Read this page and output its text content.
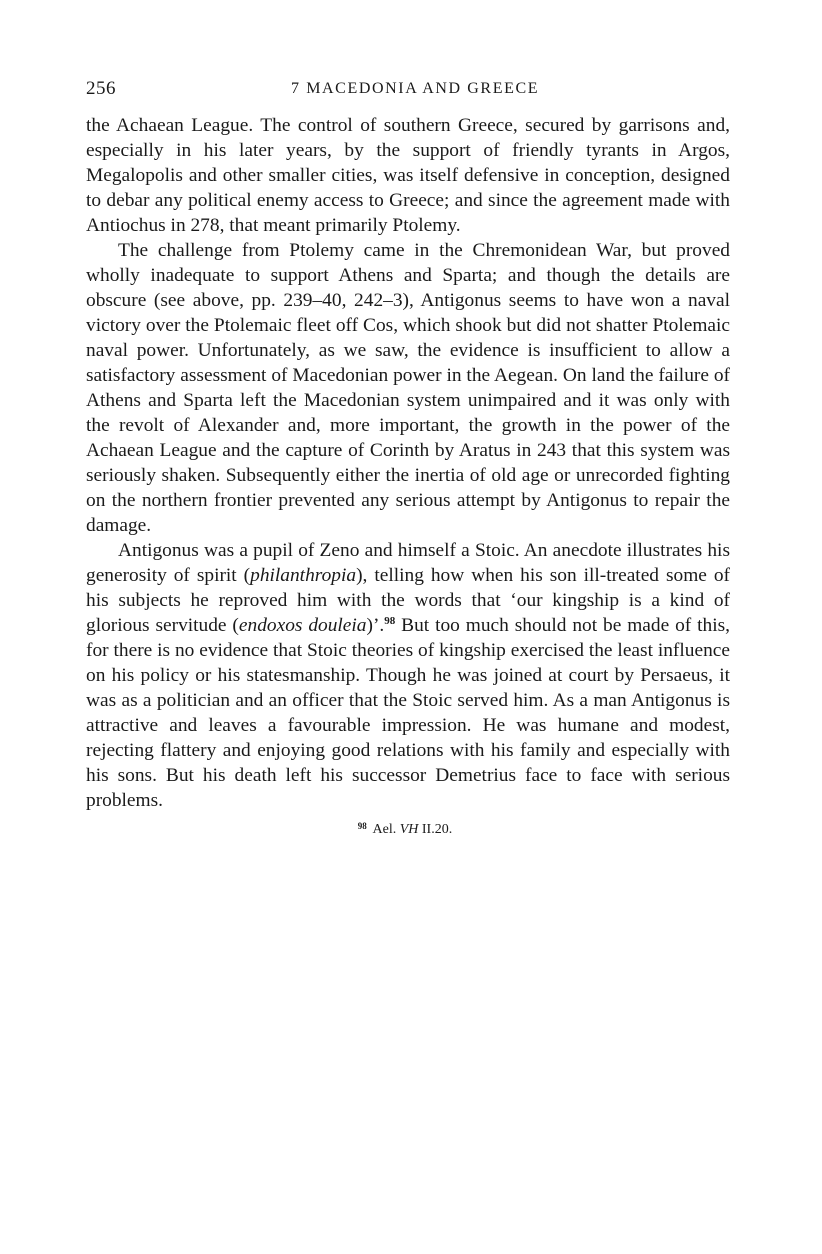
256	7 MACEDONIA AND GREECE

the Achaean League. The control of southern Greece, secured by garrisons and, especially in his later years, by the support of friendly tyrants in Argos, Megalopolis and other smaller cities, was itself defensive in conception, designed to debar any political enemy access to Greece; and since the agreement made with Antiochus in 278, that meant primarily Ptolemy.

The challenge from Ptolemy came in the Chremonidean War, but proved wholly inadequate to support Athens and Sparta; and though the details are obscure (see above, pp. 239–40, 242–3), Antigonus seems to have won a naval victory over the Ptolemaic fleet off Cos, which shook but did not shatter Ptolemaic naval power. Unfortunately, as we saw, the evidence is insufficient to allow a satisfactory assessment of Macedonian power in the Aegean. On land the failure of Athens and Sparta left the Macedonian system unimpaired and it was only with the revolt of Alexander and, more important, the growth in the power of the Achaean League and the capture of Corinth by Aratus in 243 that this system was seriously shaken. Subsequently either the inertia of old age or unrecorded fighting on the northern frontier prevented any serious attempt by Antigonus to repair the damage.

Antigonus was a pupil of Zeno and himself a Stoic. An anecdote illustrates his generosity of spirit (philanthropia), telling how when his son ill-treated some of his subjects he reproved him with the words that ‘our kingship is a kind of glorious servitude (endoxos douleia)’.$^{98}$ But too much should not be made of this, for there is no evidence that Stoic theories of kingship exercised the least influence on his policy or his statesmanship. Though he was joined at court by Persaeus, it was as a politician and an officer that the Stoic served him. As a man Antigonus is attractive and leaves a favourable impression. He was humane and modest, rejecting flattery and enjoying good relations with his family and especially with his sons. But his death left his successor Demetrius face to face with serious problems.

$^{98}$ Ael. VH II.20.
